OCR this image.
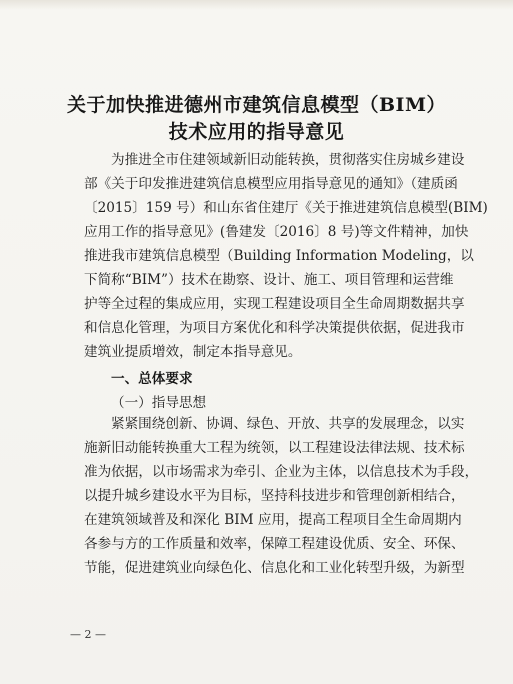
关于加快推进德州市建筑信息模型（BIM）
技术应用的指导意见
为推进全市住建领域新旧动能转换，贯彻落实住房城乡建设
部《关于印发推进建筑信息模型应用指导意见的通知》（建质函
〔2015〕159 号）和山东省住建厅《关于推进建筑信息模型(BIM)
应用工作的指导意见》(鲁建发〔2016〕8 号)等文件精神，加快
推进我市建筑信息模型（Building Information Modeling，以
下简称“BIM”）技术在勘察、设计、施工、项目管理和运营维
护等全过程的集成应用，实现工程建设项目全生命周期数据共享
和信息化管理，为项目方案优化和科学决策提供依据，促进我市
建筑业提质增效，制定本指导意见。
一、总体要求
（一）指导思想
紧紧围绕创新、协调、绿色、开放、共享的发展理念，以实
施新旧动能转换重大工程为统领，以工程建设法律法规、技术标
准为依据，以市场需求为牵引、企业为主体，以信息技术为手段，
以提升城乡建设水平为目标，坚持科技进步和管理创新相结合，
在建筑领域普及和深化 BIM 应用，提高工程项目全生命周期内
各参与方的工作质量和效率，保障工程建设优质、安全、环保、
节能，促进建筑业向绿色化、信息化和工业化转型升级，为新型
— 2 —
